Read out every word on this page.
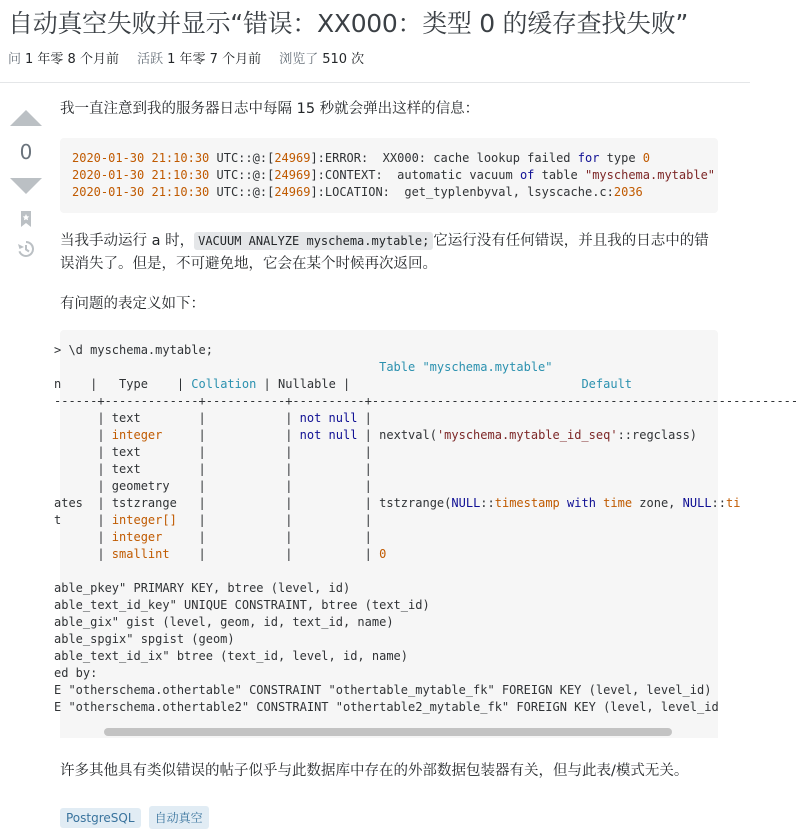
自动真空失败并显示“错误：XX000：类型 0 的缓存查找失败”
问 1 年零 8 个月前 活跃 1 年零 7 个月前 浏览了 510 次
0

我一直注意到我的服务器日志中每隔 15 秒就会弹出这样的信息：

2020-01-30 21:10:30 UTC::@:[24969]:ERROR:  XX000: cache lookup failed for type 0
2020-01-30 21:10:30 UTC::@:[24969]:CONTEXT:  automatic vacuum of table "myschema.mytable"
2020-01-30 21:10:30 UTC::@:[24969]:LOCATION:  get_typlenbyval, lsyscache.c:2036

当我手动运行 a 时， VACUUM ANALYZE myschema.mytable; 它运行没有任何错误，并且我的日志中的错误消失了。但是，不可避免地，它会在某个时候再次返回。

有问题的表定义如下：

> \d myschema.mytable;
Table "myschema.mytable"
n    |   Type    | Collation | Nullable |                                Default
------+-------------+-----------+----------+-----------------------------------------------------------
| text        |           | not null |
| integer     |           | not null | nextval('myschema.mytable_id_seq'::regclass)
| text	|           |          |
| text	|           |          |
| geometry    |           |          |
ates  | tstzrange   |           |          | tstzrange(NULL::timestamp with time zone, NULL::ti
t     | integer[]   |           |          |
| integer	|           |          |
| smallint    |           |          | 0

able_pkey" PRIMARY KEY, btree (level, id)
able_text_id_key" UNIQUE CONSTRAINT, btree (text_id)
able_gix" gist (level, geom, id, text_id, name)
able_spgix" spgist (geom)
able_text_id_ix" btree (text_id, level, id, name)
ed by:
E "otherschema.othertable" CONSTRAINT "othertable_mytable_fk" FOREIGN KEY (level, level_id)
E "otherschema.othertable2" CONSTRAINT "othertable2_mytable_fk" FOREIGN KEY (level, level_id

许多其他具有类似错误的帖子似乎与此数据库中存在的外部数据包装器有关，但与此表/模式无关。

PostgreSQL 自动真空
